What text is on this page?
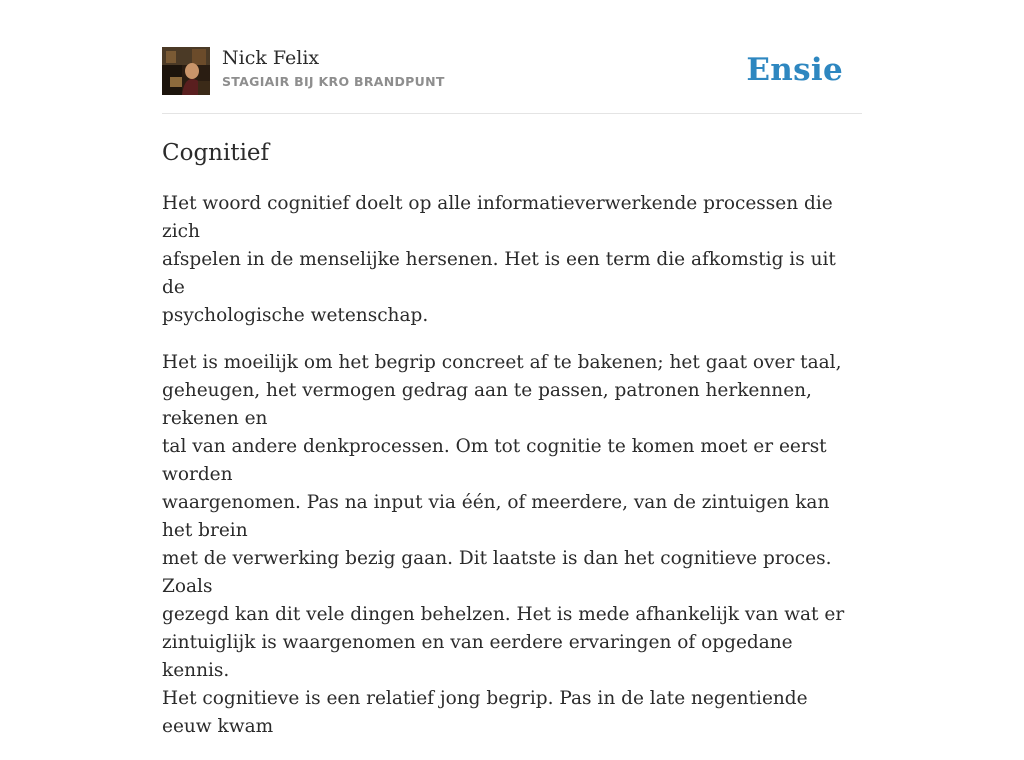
Nick Felix
STAGIAIR BIJ KRO BRANDPUNT	Ensie
Cognitief

Het woord cognitief doelt op alle informatieverwerkende processen die zich
afspelen in de menselijke hersenen. Het is een term die afkomstig is uit de
psychologische wetenschap.

Het is moeilijk om het begrip concreet af te bakenen; het gaat over taal,
geheugen, het vermogen gedrag aan te passen, patronen herkennen, rekenen en
tal van andere denkprocessen. Om tot cognitie te komen moet er eerst worden
waargenomen. Pas na input via één, of meerdere, van de zintuigen kan het brein
met de verwerking bezig gaan. Dit laatste is dan het cognitieve proces. Zoals
gezegd kan dit vele dingen behelzen. Het is mede afhankelijk van wat er
zintuiglijk is waargenomen en van eerdere ervaringen of opgedane kennis.
Het cognitieve is een relatief jong begrip. Pas in de late negentiende eeuw kwam
